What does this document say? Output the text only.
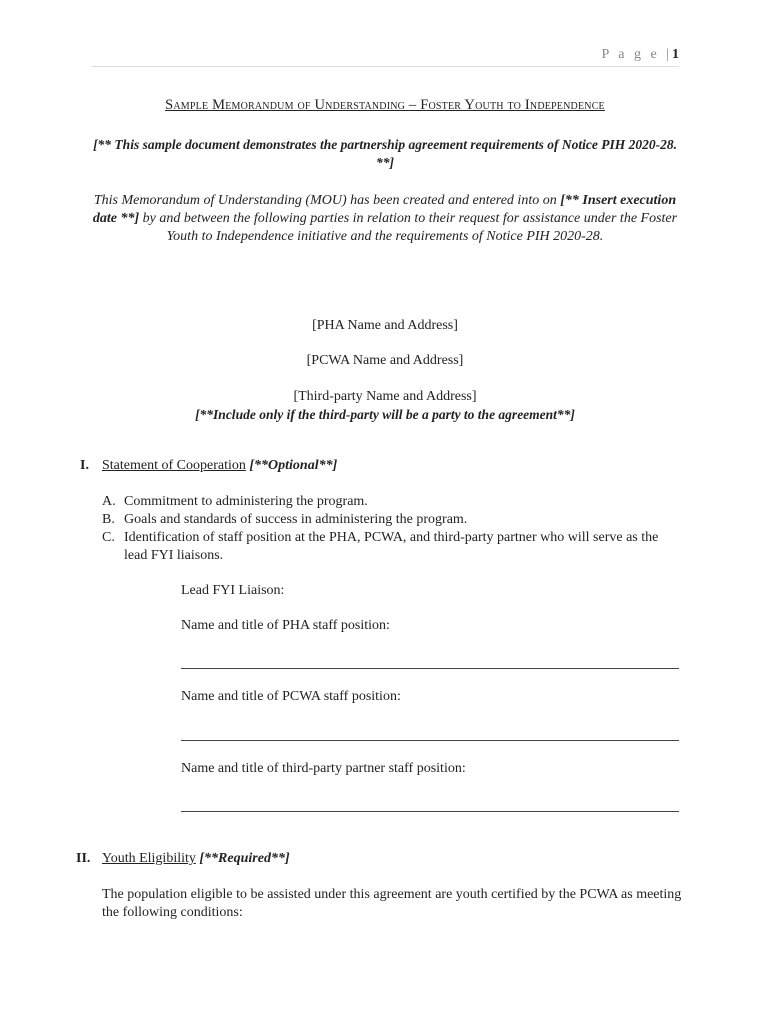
P a g e |1
Sample Memorandum of Understanding – Foster Youth to Independence
[** This sample document demonstrates the partnership agreement requirements of Notice PIH 2020-28. **]
This Memorandum of Understanding (MOU) has been created and entered into on [** Insert execution date **] by and between the following parties in relation to their request for assistance under the Foster Youth to Independence initiative and the requirements of Notice PIH 2020-28.
[PHA Name and Address]
[PCWA Name and Address]
[Third-party Name and Address]
[**Include only if the third-party will be a party to the agreement**]
I. Statement of Cooperation [**Optional**]
A. Commitment to administering the program.
B. Goals and standards of success in administering the program.
C. Identification of staff position at the PHA, PCWA, and third-party partner who will serve as the lead FYI liaisons.
Lead FYI Liaison:
Name and title of PHA staff position:
Name and title of PCWA staff position:
Name and title of third-party partner staff position:
II. Youth Eligibility [**Required**]
The population eligible to be assisted under this agreement are youth certified by the PCWA as meeting the following conditions:
